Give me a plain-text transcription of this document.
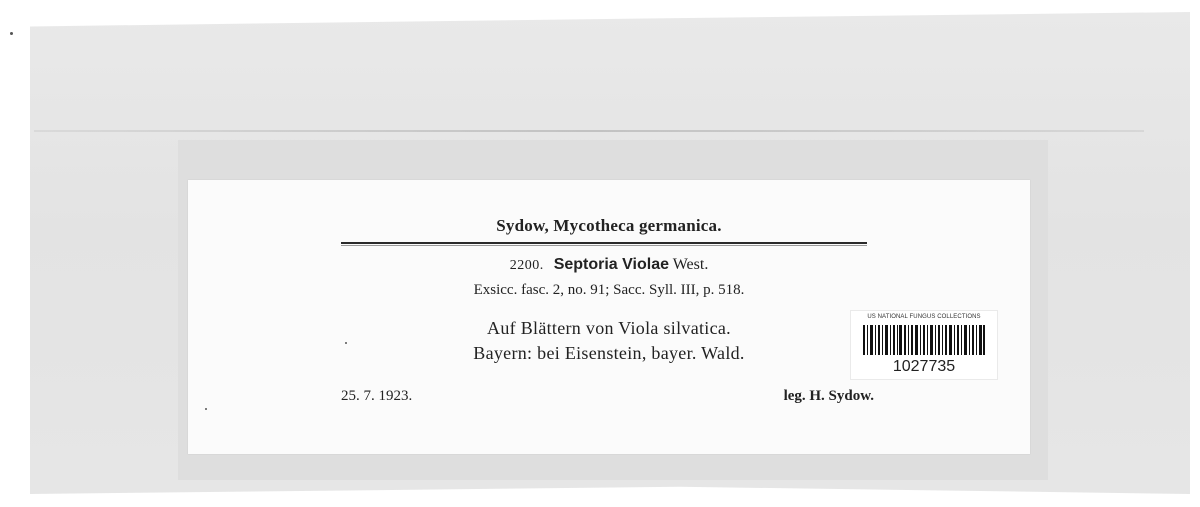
Sydow, Mycotheca germanica.
2200. Septoria Violae West.
Exsicc. fasc. 2, no. 91; Sacc. Syll. III, p. 518.
Auf Blättern von Viola silvatica.
Bayern: bei Eisenstein, bayer. Wald.
25. 7. 1923.	leg. H. Sydow.
US NATIONAL FUNGUS COLLECTIONS
1027735
